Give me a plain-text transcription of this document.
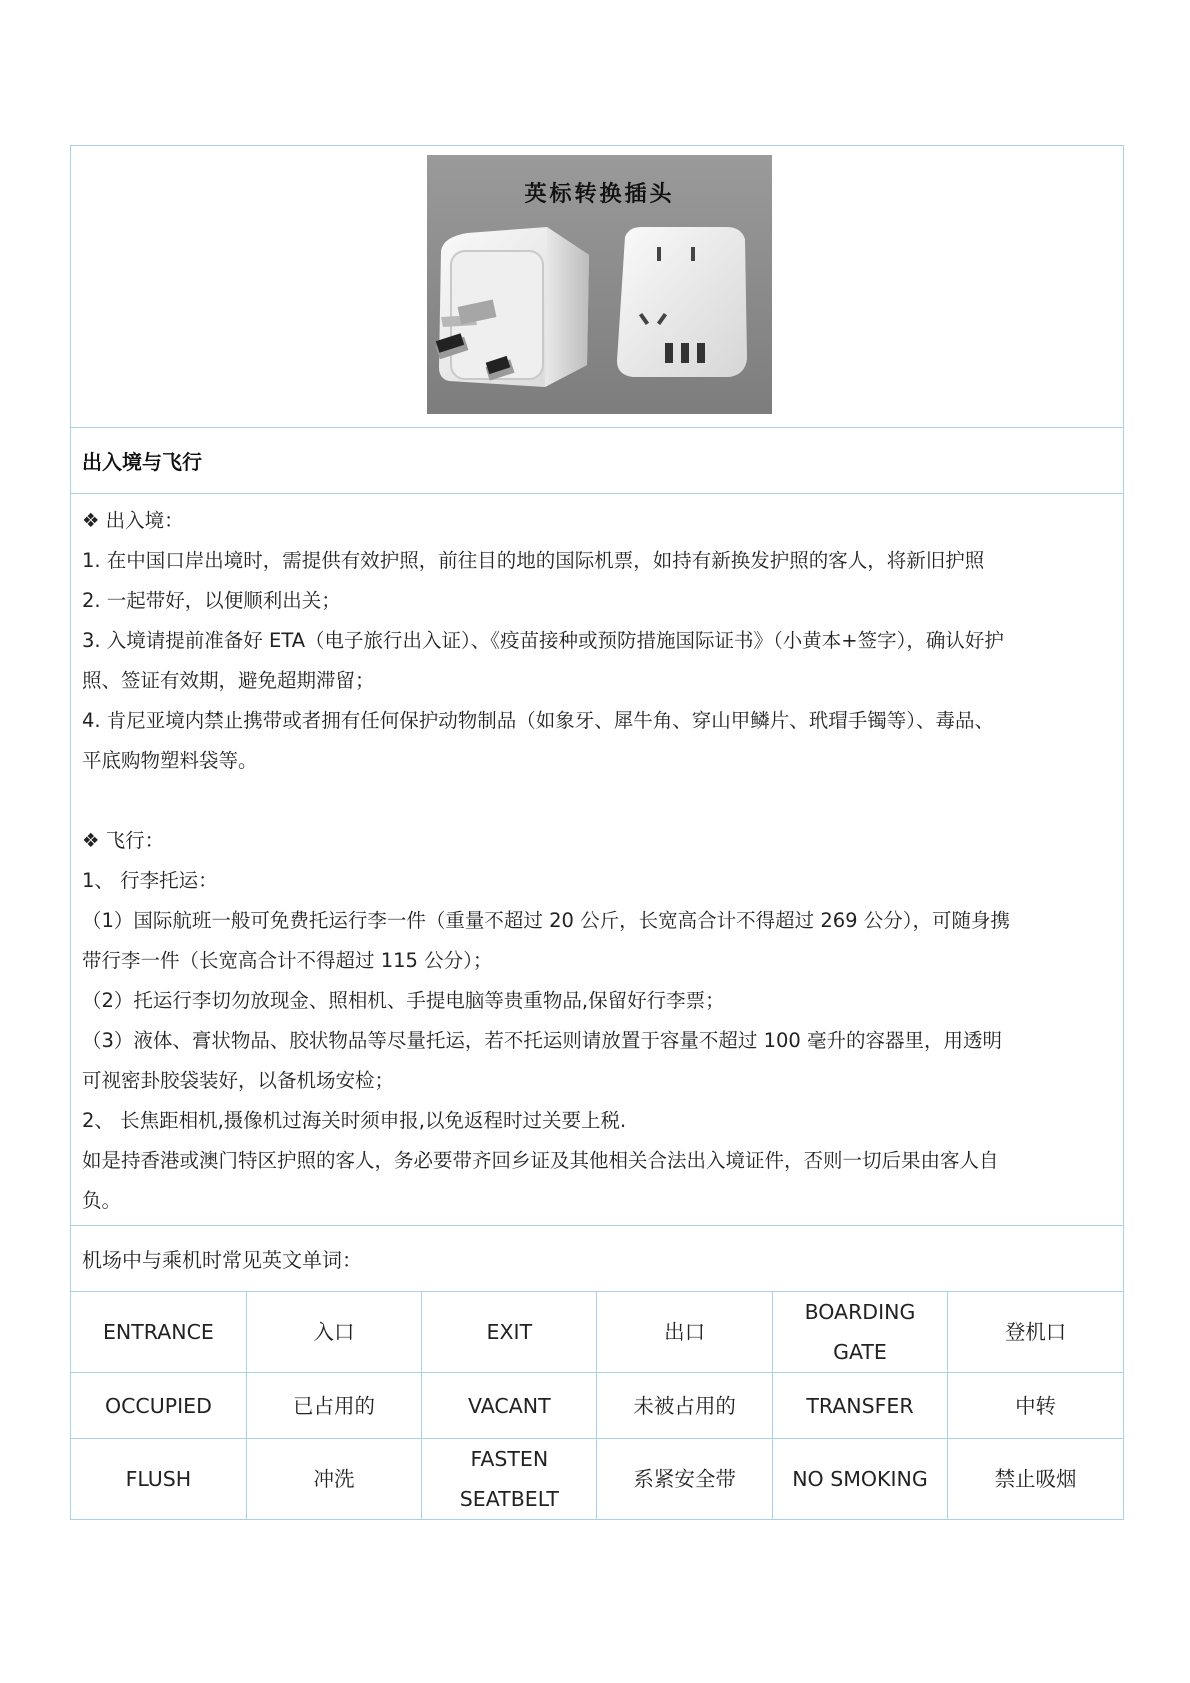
英标转换插头
出入境与飞行
❖ 出入境：
1. 在中国口岸出境时，需提供有效护照，前往目的地的国际机票，如持有新换发护照的客人，将新旧护照
2. 一起带好，以便顺利出关；
3. 入境请提前准备好 ETA（电子旅行出入证）、《疫苗接种或预防措施国际证书》（小黄本+签字），确认好护
照、签证有效期，避免超期滞留；
4. 肯尼亚境内禁止携带或者拥有任何保护动物制品（如象牙、犀牛角、穿山甲鳞片、玳瑁手镯等）、毒品、
平底购物塑料袋等。
❖ 飞行：
1、 行李托运：
（1）国际航班一般可免费托运行李一件（重量不超过 20 公斤，长宽高合计不得超过 269 公分），可随身携
带行李一件（长宽高合计不得超过 115 公分）；
（2）托运行李切勿放现金、照相机、手提电脑等贵重物品,保留好行李票；
（3）液体、膏状物品、胶状物品等尽量托运，若不托运则请放置于容量不超过 100 毫升的容器里，用透明
可视密卦胶袋装好，以备机场安检；
2、 长焦距相机,摄像机过海关时须申报,以免返程时过关要上税.
如是持香港或澳门特区护照的客人，务必要带齐回乡证及其他相关合法出入境证件，否则一切后果由客人自
负。
机场中与乘机时常见英文单词：
ENTRANCE	入口	EXIT	出口	BOARDING GATE	登机口
OCCUPIED	已占用的	VACANT	未被占用的	TRANSFER	中转
FLUSH	冲洗	FASTEN SEATBELT	系紧安全带	NO SMOKING	禁止吸烟
